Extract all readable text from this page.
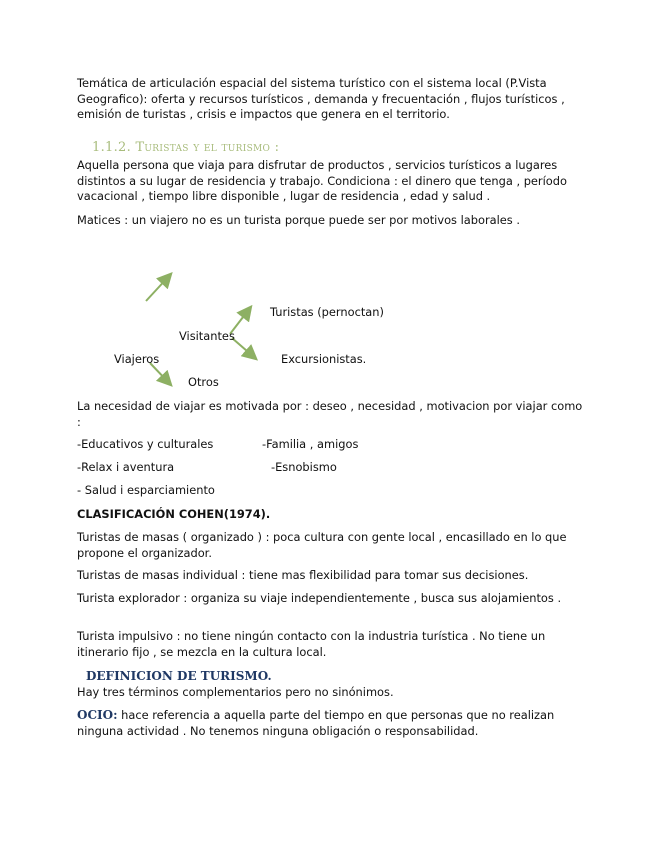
Temática de articulación espacial del sistema turístico con el sistema local (P.Vista Geografico): oferta y recursos turísticos , demanda y frecuentación , flujos turísticos , emisión de turistas , crisis e impactos que genera en el territorio.
1.1.2. Turistas y el turismo :
Aquella persona que viaja para disfrutar de productos , servicios turísticos a lugares distintos a su lugar de residencia y trabajo. Condiciona : el dinero que tenga , período vacacional , tiempo libre disponible , lugar de residencia , edad y salud .
Matices : un viajero no es un turista porque puede ser por motivos laborales .
Turistas (pernoctan)
Visitantes
Excursionistas.
Viajeros
Otros
La necesidad de viajar es motivada por : deseo , necesidad , motivacion por viajar como :
-Educativos y culturales	-Familia , amigos
-Relax i aventura	-Esnobismo
- Salud i esparciamiento
CLASIFICACIÓN COHEN(1974).
Turistas de masas ( organizado ) : poca cultura con gente local , encasillado en lo que propone el organizador.
Turistas de masas individual : tiene mas flexibilidad para tomar sus decisiones.
Turista explorador : organiza su viaje independientemente , busca sus alojamientos .
Turista impulsivo : no tiene ningún contacto con la industria turística . No tiene un itinerario fijo , se mezcla en la cultura local.
DEFINICION DE TURISMO.
Hay tres términos complementarios pero no sinónimos.
OCIO: hace referencia a aquella parte del tiempo en que personas que no realizan ninguna actividad . No tenemos ninguna obligación o responsabilidad.
